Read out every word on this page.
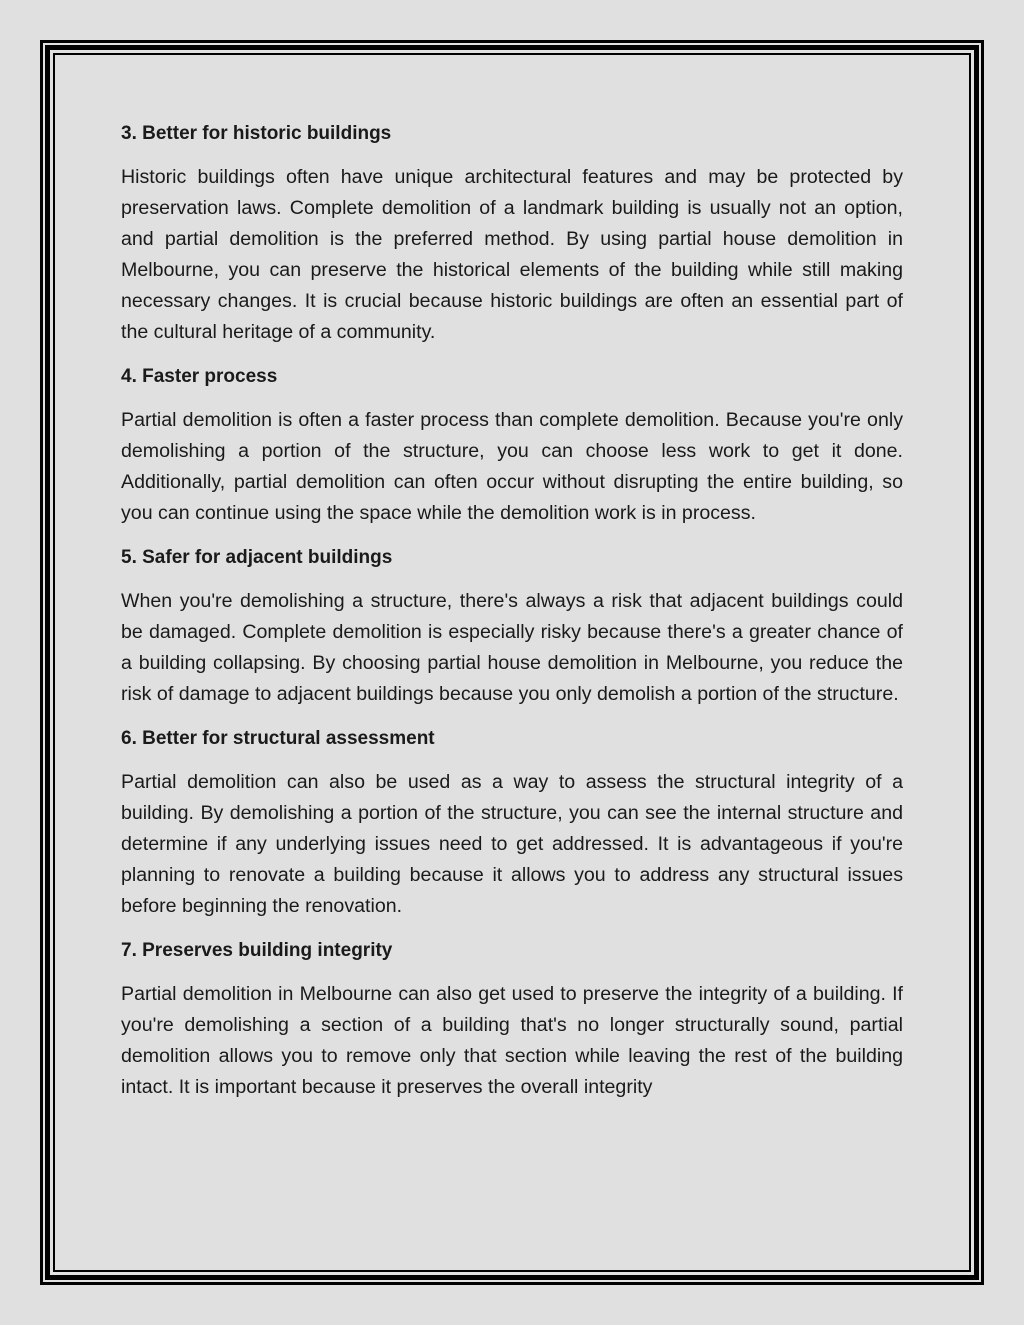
3. Better for historic buildings
Historic buildings often have unique architectural features and may be protected by preservation laws. Complete demolition of a landmark building is usually not an option, and partial demolition is the preferred method. By using partial house demolition in Melbourne, you can preserve the historical elements of the building while still making necessary changes. It is crucial because historic buildings are often an essential part of the cultural heritage of a community.
4. Faster process
Partial demolition is often a faster process than complete demolition. Because you're only demolishing a portion of the structure, you can choose less work to get it done. Additionally, partial demolition can often occur without disrupting the entire building, so you can continue using the space while the demolition work is in process.
5. Safer for adjacent buildings
When you're demolishing a structure, there's always a risk that adjacent buildings could be damaged. Complete demolition is especially risky because there's a greater chance of a building collapsing. By choosing partial house demolition in Melbourne, you reduce the risk of damage to adjacent buildings because you only demolish a portion of the structure.
6. Better for structural assessment
Partial demolition can also be used as a way to assess the structural integrity of a building. By demolishing a portion of the structure, you can see the internal structure and determine if any underlying issues need to get addressed. It is advantageous if you're planning to renovate a building because it allows you to address any structural issues before beginning the renovation.
7. Preserves building integrity
Partial demolition in Melbourne can also get used to preserve the integrity of a building. If you're demolishing a section of a building that's no longer structurally sound, partial demolition allows you to remove only that section while leaving the rest of the building intact. It is important because it preserves the overall integrity
